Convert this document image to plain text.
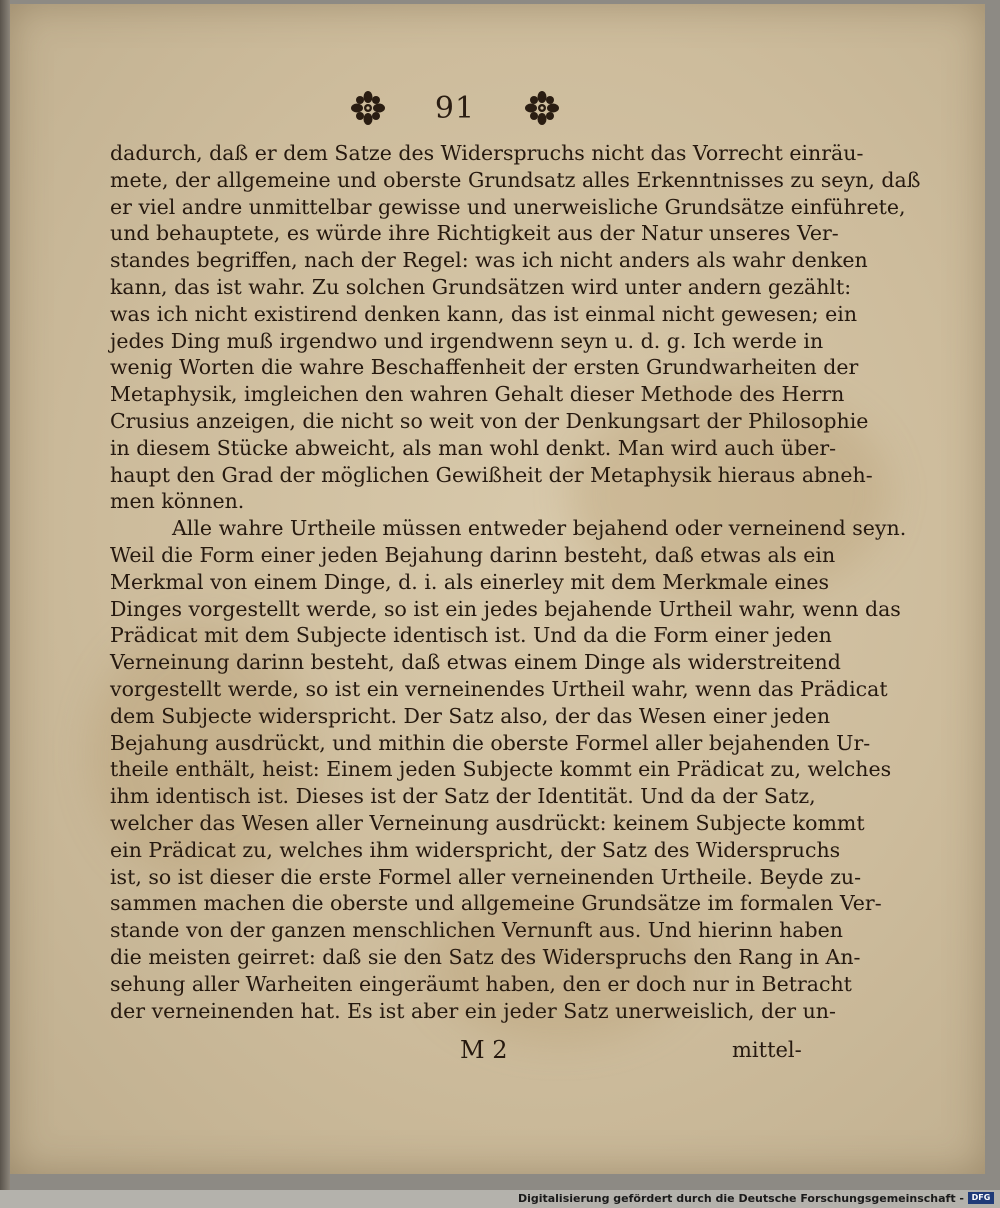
91
dadurch, daß er dem Satze des Widerspruchs nicht das Vorrecht einräu-
mete, der allgemeine und oberste Grundsatz alles Erkenntnisses zu seyn, daß
er viel andre unmittelbar gewisse und unerweisliche Grundsätze einführete,
und behauptete, es würde ihre Richtigkeit aus der Natur unseres Ver-
standes begriffen, nach der Regel: was ich nicht anders als wahr denken
kann, das ist wahr. Zu solchen Grundsätzen wird unter andern gezählt:
was ich nicht existirend denken kann, das ist einmal nicht gewesen; ein
jedes Ding muß irgendwo und irgendwenn seyn u. d. g. Ich werde in
wenig Worten die wahre Beschaffenheit der ersten Grundwarheiten der
Metaphysik, imgleichen den wahren Gehalt dieser Methode des Herrn
Crusius anzeigen, die nicht so weit von der Denkungsart der Philosophie
in diesem Stücke abweicht, als man wohl denkt. Man wird auch über-
haupt den Grad der möglichen Gewißheit der Metaphysik hieraus abneh-
men können.
Alle wahre Urtheile müssen entweder bejahend oder verneinend seyn.
Weil die Form einer jeden Bejahung darinn besteht, daß etwas als ein
Merkmal von einem Dinge, d. i. als einerley mit dem Merkmale eines
Dinges vorgestellt werde, so ist ein jedes bejahende Urtheil wahr, wenn das
Prädicat mit dem Subjecte identisch ist. Und da die Form einer jeden
Verneinung darinn besteht, daß etwas einem Dinge als widerstreitend
vorgestellt werde, so ist ein verneinendes Urtheil wahr, wenn das Prädicat
dem Subjecte widerspricht. Der Satz also, der das Wesen einer jeden
Bejahung ausdrückt, und mithin die oberste Formel aller bejahenden Ur-
theile enthält, heist: Einem jeden Subjecte kommt ein Prädicat zu, welches
ihm identisch ist. Dieses ist der Satz der Identität. Und da der Satz,
welcher das Wesen aller Verneinung ausdrückt: keinem Subjecte kommt
ein Prädicat zu, welches ihm widerspricht, der Satz des Widerspruchs
ist, so ist dieser die erste Formel aller verneinenden Urtheile. Beyde zu-
sammen machen die oberste und allgemeine Grundsätze im formalen Ver-
stande von der ganzen menschlichen Vernunft aus. Und hierinn haben
die meisten geirret: daß sie den Satz des Widerspruchs den Rang in An-
sehung aller Warheiten eingeräumt haben, den er doch nur in Betracht
der verneinenden hat. Es ist aber ein jeder Satz unerweislich, der un-
M 2	mittel-
Digitalisierung gefördert durch die Deutsche Forschungsgemeinschaft - DFG
